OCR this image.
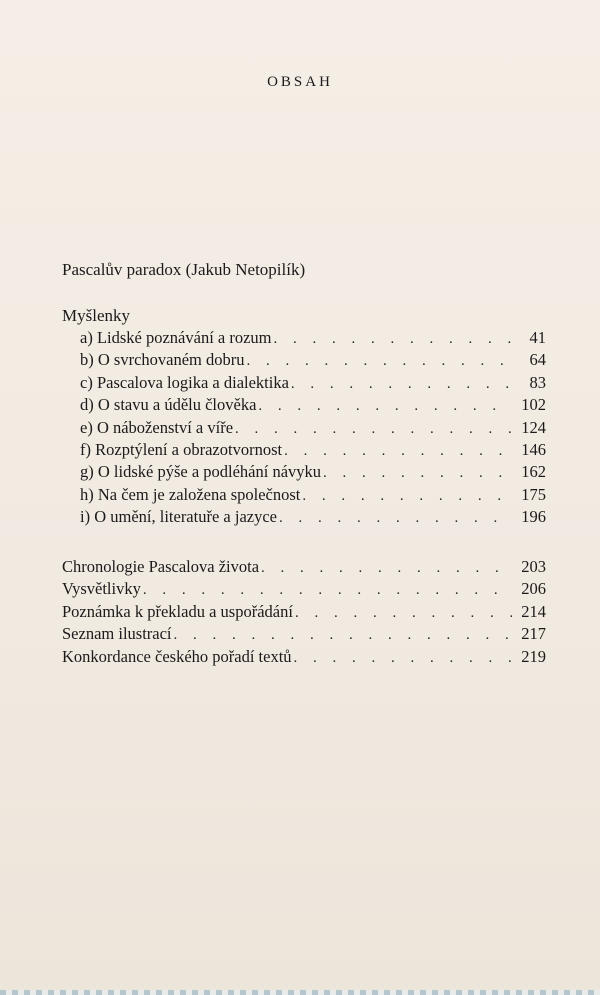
OBSAH
Pascalův paradox (Jakub Netopilík)
Myšlenky
a) Lidské poznávání a rozum . . .	41
b) O svrchovaném dobru . . .	64
c) Pascalova logika a dialektika . . .	83
d) O stavu a údělu člověka . . .	102
e) O náboženství a víře . . .	124
f) Rozptýlení a obrazotvornost . . .	146
g) O lidské pýše a podléhání návyku . . .	162
h) Na čem je založena společnost . . .	175
i) O umění, literatuře a jazyce . . .	196
Chronologie Pascalova života . . .	203
Vysvětlivky . . .	206
Poznámka k překladu a uspořádání . . .	214
Seznam ilustrací . . .	217
Konkordance českého pořadí textů . . .	219
